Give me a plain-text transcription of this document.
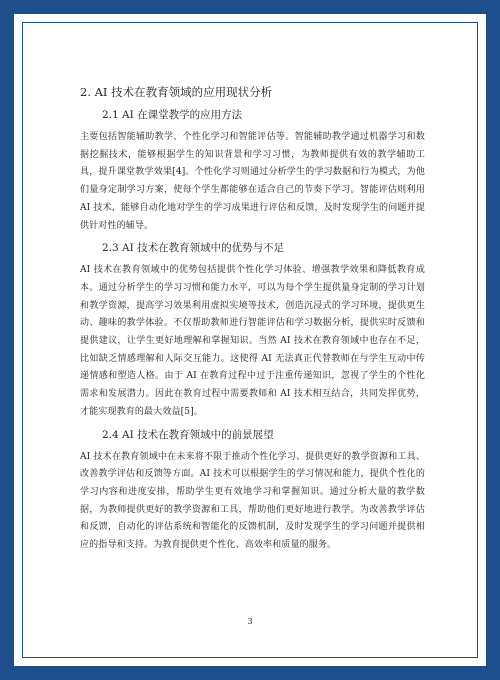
2. AI 技术在教育领域的应用现状分析
2.1 AI 在课堂教学的应用方法

主要包括智能辅助教学、个性化学习和智能评估等。智能辅助教学通过机器学习和数据挖掘技术，能够根据学生的知识背景和学习习惯，为教师提供有效的教学辅助工具，提升课堂教学效果[4]。个性化学习则通过分析学生的学习数据和行为模式，为他们量身定制学习方案，使每个学生都能够在适合自己的节奏下学习。智能评估则利用 AI 技术，能够自动化地对学生的学习成果进行评估和反馈，及时发现学生的问题并提供针对性的辅导。

2.3 AI 技术在教育领域中的优势与不足

AI 技术在教育领域中的优势包括提供个性化学习体验、增强教学效果和降低教育成本。通过分析学生的学习习惯和能力水平，可以为每个学生提供量身定制的学习计划和教学资源，提高学习效果利用虚拟实境等技术，创造沉浸式的学习环境，提供更生动、趣味的教学体验。不仅帮助教师进行智能评估和学习数据分析，提供实时反馈和提供建议，让学生更好地理解和掌握知识。当然 AI 技术在教育领域中也存在不足，比如缺乏情感理解和人际交互能力。这使得 AI 无法真正代替教师在与学生互动中传递情感和塑造人格。由于 AI 在教育过程中过于注重传递知识，忽视了学生的个性化需求和发展潜力。因此在教育过程中需要教师和 AI 技术相互结合，共同发挥优势，才能实现教育的最大效益[5]。

2.4 AI 技术在教育领域中的前景展望

AI 技术在教育领域中在未来将不限于推动个性化学习、提供更好的教学资源和工具、改善教学评估和反馈等方面。AI 技术可以根据学生的学习情况和能力，提供个性化的学习内容和进度安排，帮助学生更有效地学习和掌握知识。通过分析大量的教学数据，为教师提供更好的教学资源和工具，帮助他们更好地进行教学。为改善教学评估和反馈，自动化的评估系统和智能化的反馈机制，及时发现学生的学习问题并提供相应的指导和支持。为教育提供更个性化、高效率和质量的服务。

3
